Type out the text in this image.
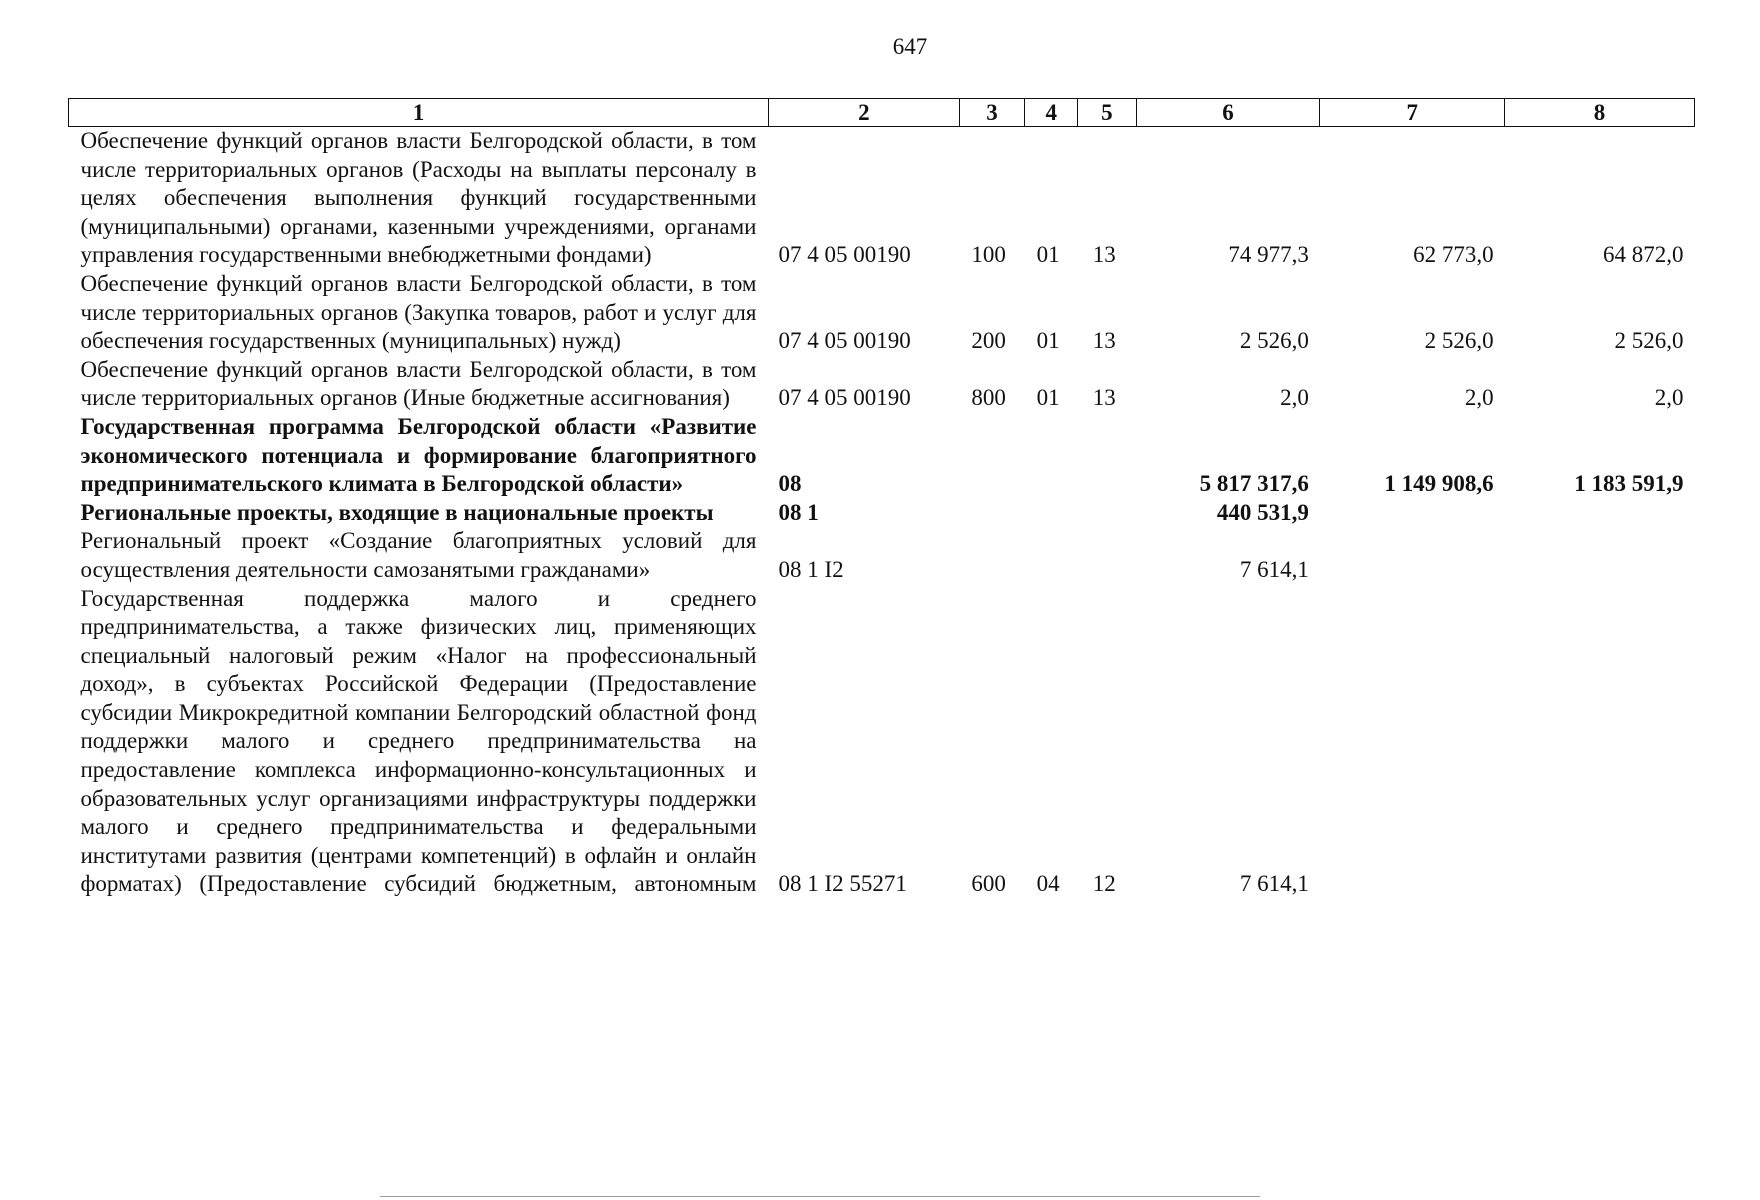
647
1	2	3	4	5	6	7	8
Обеспечение функций органов власти Белгородской области, в том числе территориальных органов (Расходы на выплаты персоналу в целях обеспечения выполнения функций государственными (муниципальными) органами, казенными учреждениями, органами управления государственными внебюджетными фондами)	07 4 05 00190	100	01	13	74 977,3	62 773,0	64 872,0
Обеспечение функций органов власти Белгородской области, в том числе территориальных органов (Закупка товаров, работ и услуг для обеспечения государственных (муниципальных) нужд)	07 4 05 00190	200	01	13	2 526,0	2 526,0	2 526,0
Обеспечение функций органов власти Белгородской области, в том числе территориальных органов (Иные бюджетные ассигнования)	07 4 05 00190	800	01	13	2,0	2,0	2,0
Государственная программа Белгородской области «Развитие экономического потенциала и формирование благоприятного предпринимательского климата в Белгородской области»	08				5 817 317,6	1 149 908,6	1 183 591,9
Региональные проекты, входящие в национальные проекты	08 1				440 531,9		
Региональный проект «Создание благоприятных условий для осуществления деятельности самозанятыми гражданами»	08 1 I2				7 614,1		
Государственная поддержка малого и среднего предпринимательства, а также физических лиц, применяющих специальный налоговый режим «Налог на профессиональный доход», в субъектах Российской Федерации (Предоставление субсидии Микрокредитной компании Белгородский областной фонд поддержки малого и среднего предпринимательства на предоставление комплекса информационно-консультационных и образовательных услуг организациями инфраструктуры поддержки малого и среднего предпринимательства и федеральными институтами развития (центрами компетенций) в офлайн и онлайн форматах) (Предоставление субсидий бюджетным, автономным	08 1 I2 55271	600	04	12	7 614,1		
